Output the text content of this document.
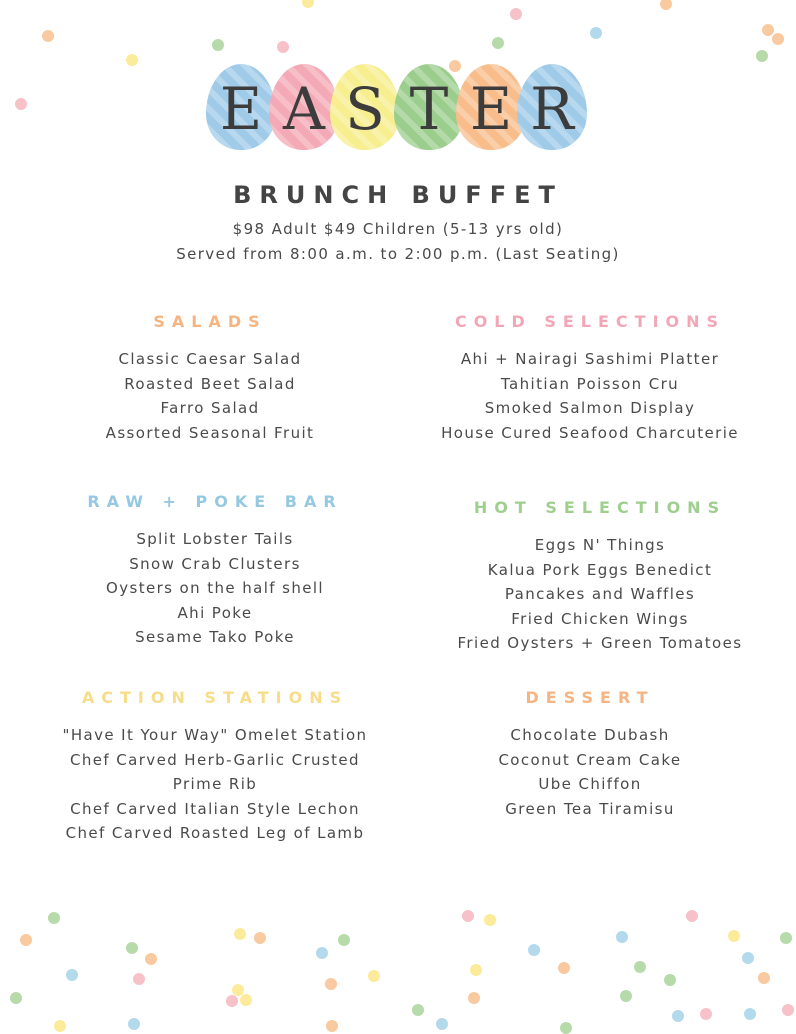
E A S T E R
BRUNCH BUFFET
$98 Adult $49 Children (5-13 yrs old)
Served from 8:00 a.m. to 2:00 p.m. (Last Seating)
SALADS
Classic Caesar Salad
Roasted Beet Salad
Farro Salad
Assorted Seasonal Fruit
COLD SELECTIONS
Ahi + Nairagi Sashimi Platter
Tahitian Poisson Cru
Smoked Salmon Display
House Cured Seafood Charcuterie
RAW + POKE BAR
Split Lobster Tails
Snow Crab Clusters
Oysters on the half shell
Ahi Poke
Sesame Tako Poke
HOT SELECTIONS
Eggs N' Things
Kalua Pork Eggs Benedict
Pancakes and Waffles
Fried Chicken Wings
Fried Oysters + Green Tomatoes
ACTION STATIONS
"Have It Your Way" Omelet Station
Chef Carved Herb-Garlic Crusted
Prime Rib
Chef Carved Italian Style Lechon
Chef Carved Roasted Leg of Lamb
DESSERT
Chocolate Dubash
Coconut Cream Cake
Ube Chiffon
Green Tea Tiramisu
